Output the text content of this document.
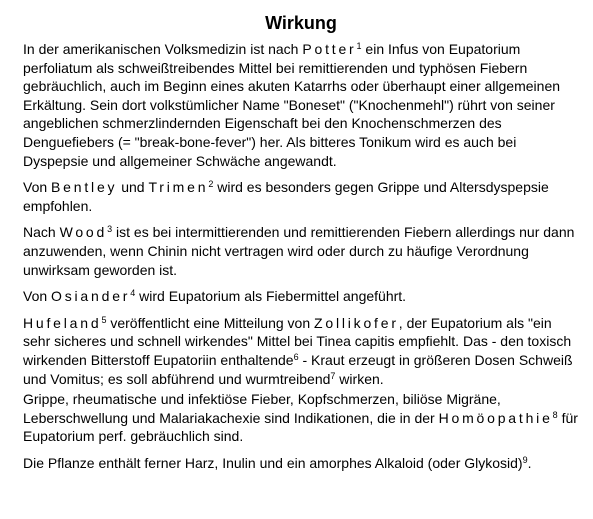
Wirkung

In der amerikanischen Volksmedizin ist nach Potter$^1$ ein Infus von Eupatorium perfoliatum als schweißtreibendes Mittel bei remittierenden und typhösen Fiebern gebräuchlich, auch im Beginn eines akuten Katarrhs oder überhaupt einer allgemeinen Erkältung. Sein dort volkstümlicher Name "Boneset" ("Knochenmehl") rührt von seiner angeblichen schmerzlindernden Eigenschaft bei den Knochenschmerzen des Denguefiebers (= "break-bone-fever") her. Als bitteres Tonikum wird es auch bei Dyspepsie und allgemeiner Schwäche angewandt.

Von Bentley und Trimen$^2$ wird es besonders gegen Grippe und Altersdyspepsie empfohlen.

Nach Wood$^3$ ist es bei intermittierenden und remittierenden Fiebern allerdings nur dann anzuwenden, wenn Chinin nicht vertragen wird oder durch zu häufige Verordnung unwirksam geworden ist.

Von Osiander$^4$ wird Eupatorium als Fiebermittel angeführt.

Hufeland$^5$ veröffentlicht eine Mitteilung von Zollikofer, der Eupatorium als "ein sehr sicheres und schnell wirkendes" Mittel bei Tinea capitis empfiehlt. Das - den toxisch wirkenden Bitterstoff Eupatoriin enthaltende$^6$ - Kraut erzeugt in größeren Dosen Schweiß und Vomitus; es soll abführend und wurmtreibend$^7$ wirken.

Grippe, rheumatische und infektiöse Fieber, Kopfschmerzen, biliöse Migräne, Leberschwellung und Malariakachexie sind Indikationen, die in der Homöopathie$^8$ für Eupatorium perf. gebräuchlich sind.

Die Pflanze enthält ferner Harz, Inulin und ein amorphes Alkaloid (oder Glykosid)$^9$.
